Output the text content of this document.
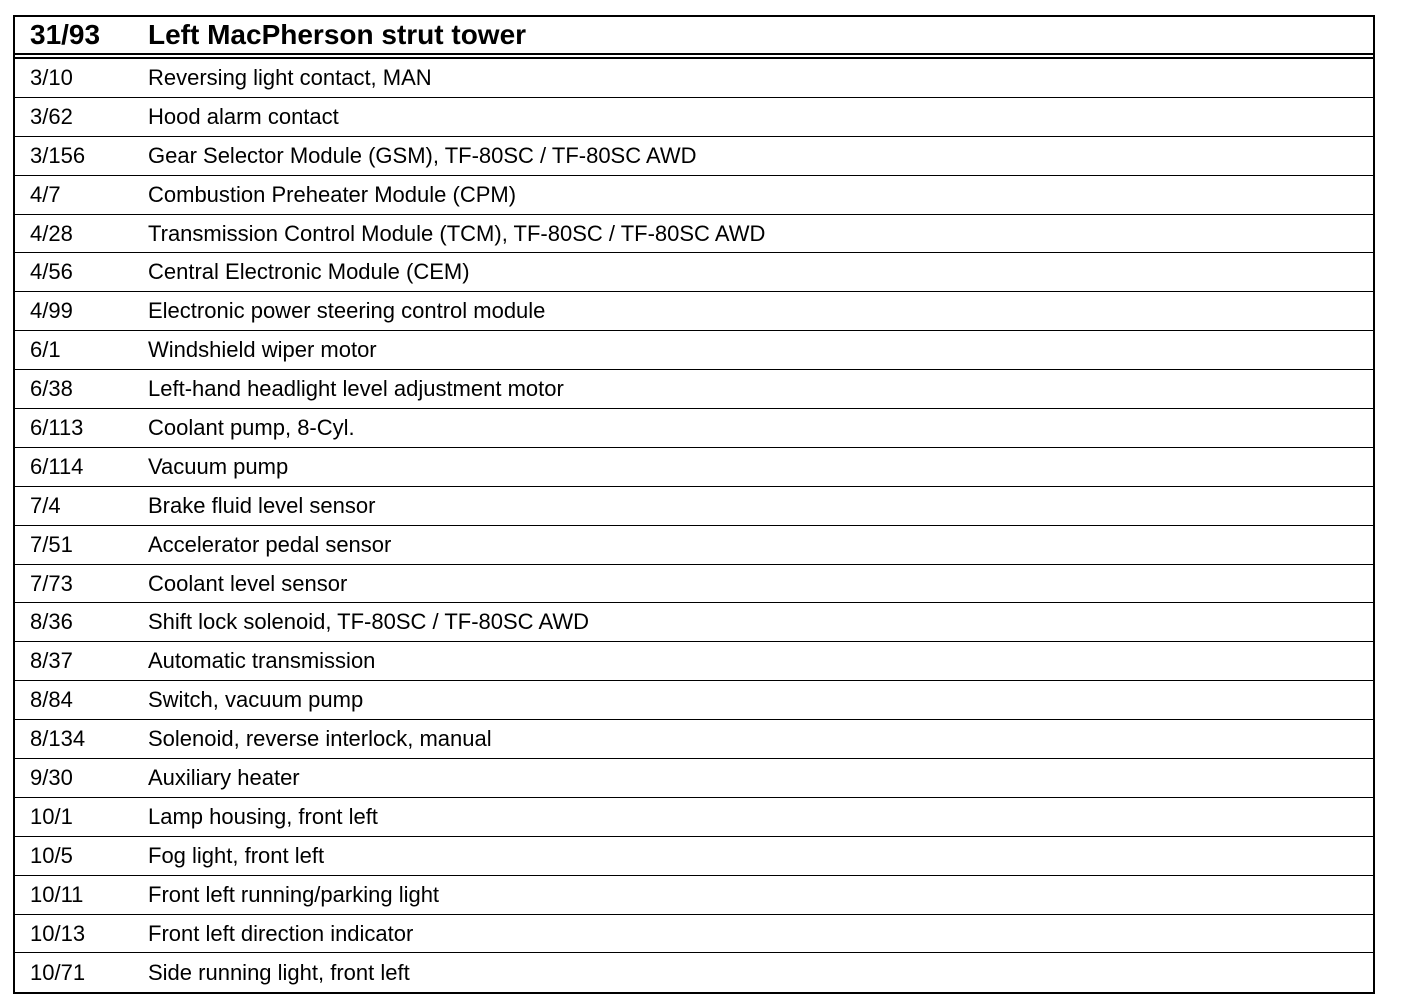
31/93	Left MacPherson strut tower
3/10	Reversing light contact, MAN
3/62	Hood alarm contact
3/156	Gear Selector Module (GSM), TF-80SC / TF-80SC AWD
4/7	Combustion Preheater Module (CPM)
4/28	Transmission Control Module (TCM), TF-80SC / TF-80SC AWD
4/56	Central Electronic Module (CEM)
4/99	Electronic power steering control module
6/1	Windshield wiper motor
6/38	Left-hand headlight level adjustment motor
6/113	Coolant pump, 8-Cyl.
6/114	Vacuum pump
7/4	Brake fluid level sensor
7/51	Accelerator pedal sensor
7/73	Coolant level sensor
8/36	Shift lock solenoid, TF-80SC / TF-80SC AWD
8/37	Automatic transmission
8/84	Switch, vacuum pump
8/134	Solenoid, reverse interlock, manual
9/30	Auxiliary heater
10/1	Lamp housing, front left
10/5	Fog light, front left
10/11	Front left running/parking light
10/13	Front left direction indicator
10/71	Side running light, front left
